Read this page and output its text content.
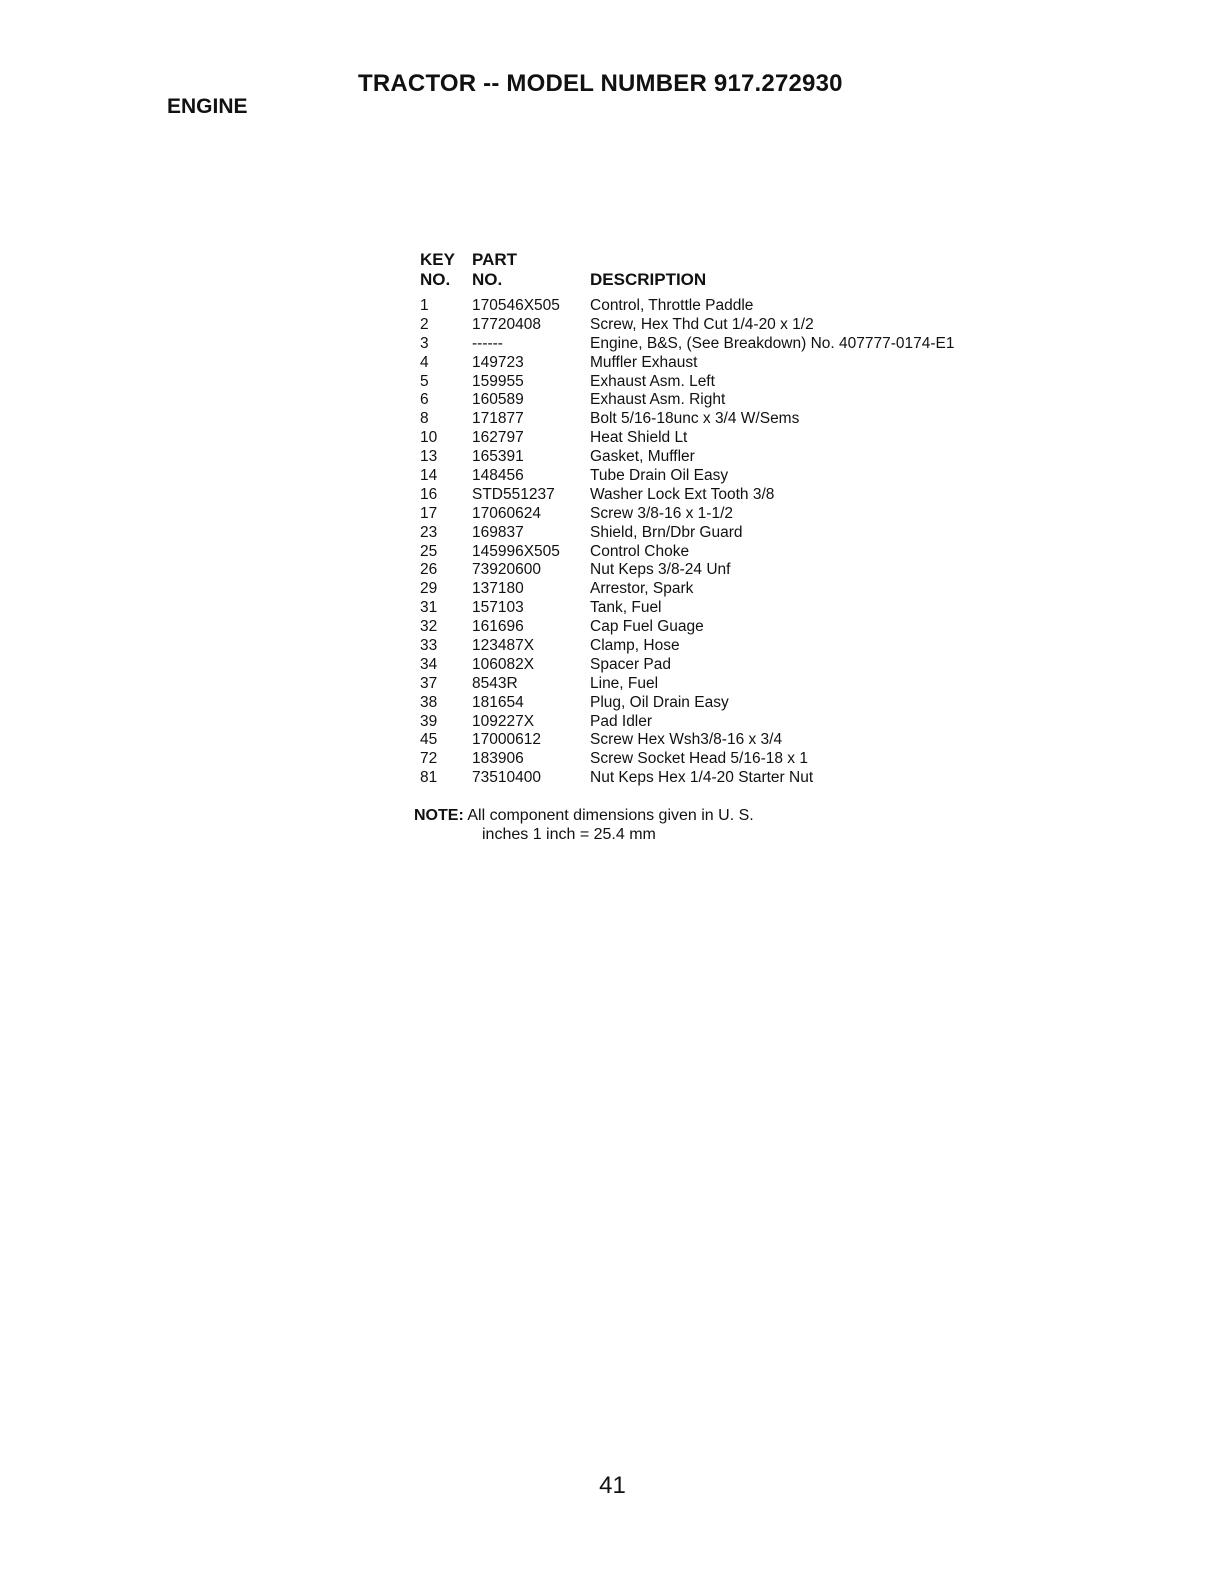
TRACTOR -- MODEL NUMBER 917.272930
ENGINE
KEY PART
NO. NO.	DESCRIPTION
1	170546X505 Control, Throttle Paddle
2	17720408	Screw, Hex Thd Cut 1/4-20 x 1/2
3	------	Engine, B&S, (See Breakdown) No. 407777-0174-E1
4	149723	Muffler Exhaust
5	159955	Exhaust Asm. Left
6	160589	Exhaust Asm. Right
8	171877	Bolt 5/16-18unc x 3/4 W/Sems
10 162797	Heat Shield Lt
13 165391	Gasket, Muffler
14 148456	Tube Drain Oil Easy
16 STD551237 Washer Lock Ext Tooth 3/8
17 17060624	Screw 3/8-16 x 1-1/2
23 169837	Shield, Brn/Dbr Guard
25 145996X505 Control Choke
26 73920600	Nut Keps 3/8-24 Unf
29 137180	Arrestor, Spark
31 157103	Tank, Fuel
32 161696	Cap Fuel Guage
33 123487X	Clamp, Hose
34 106082X	Spacer Pad
37 8543R	Line, Fuel
38 181654	Plug, Oil Drain Easy
39 109227X	Pad Idler
45 17000612	Screw Hex Wsh3/8-16 x 3/4
72 183906	Screw Socket Head 5/16-18 x 1
81 73510400	Nut Keps Hex 1/4-20 Starter Nut
NOTE: All component dimensions given in U. S.
inches 1 inch = 25.4 mm
41
